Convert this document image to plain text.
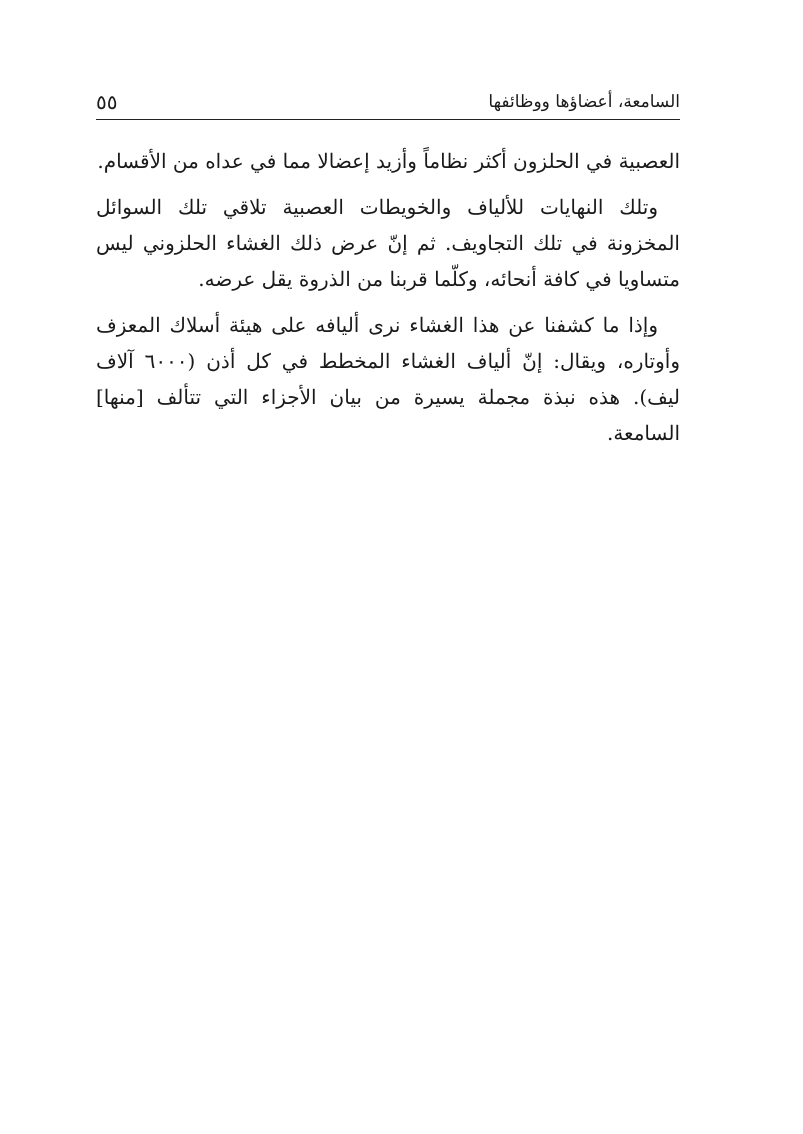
السامعة، أعضاؤها ووظائفها
٥٥

العصبية في الحلزون أكثر نظاماً وأزيد إعضالا مما في عداه من الأقسام.

وتلك النهايات للألياف والخويطات العصبية تلاقي تلك السوائل المخزونة في تلك التجاويف. ثم إنّ عرض ذلك الغشاء الحلزوني ليس متساويا في كافة أنحائه، وكلّما قربنا من الذروة يقل عرضه.

وإذا ما كشفنا عن هذا الغشاء نرى أليافه على هيئة أسلاك المعزف وأوتاره، ويقال: إنّ ألياف الغشاء المخطط في كل أذن (٦٠٠٠ آلاف ليف). هذه نبذة مجملة يسيرة من بيان الأجزاء التي تتألف [منها] السامعة.
